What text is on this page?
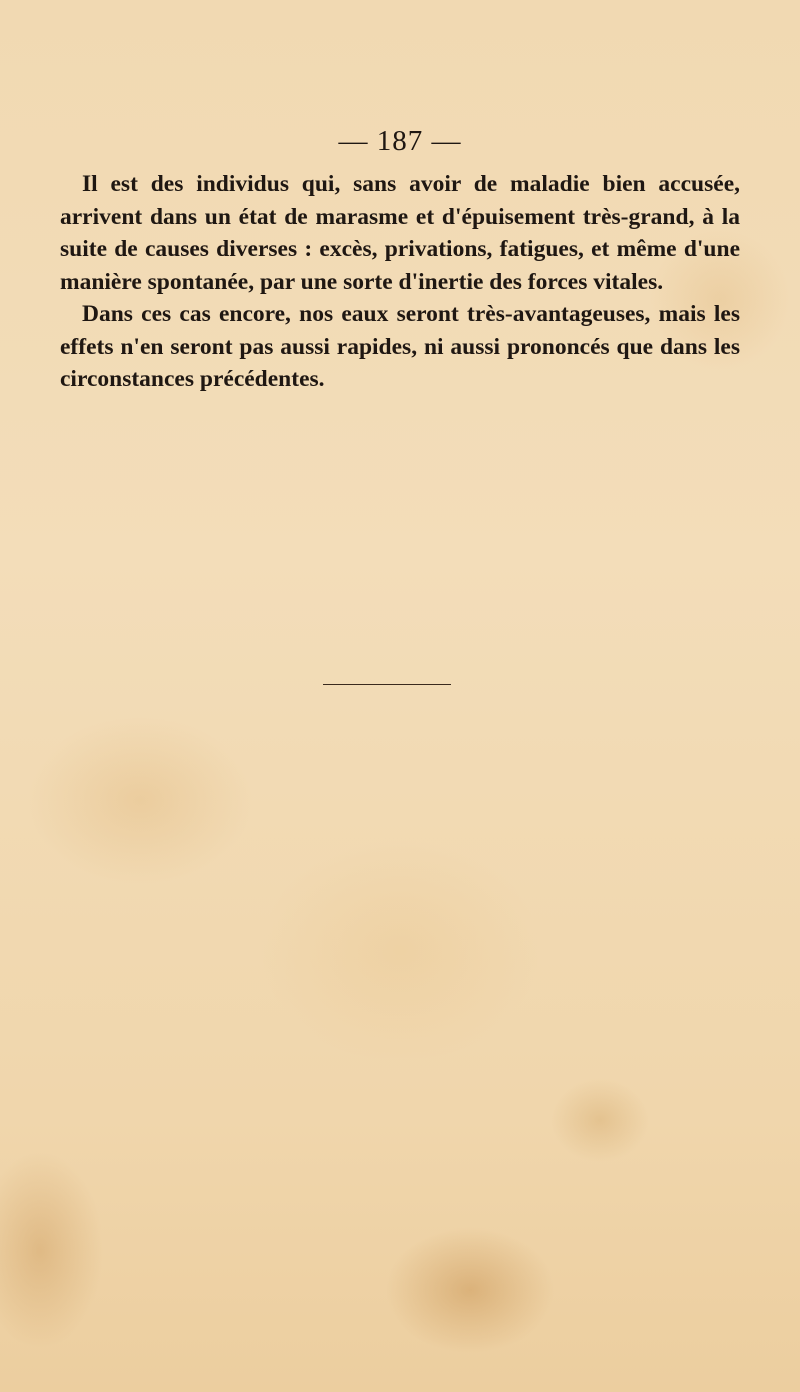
— 187 —

Il est des individus qui, sans avoir de maladie bien accusée, arrivent dans un état de marasme et d'épuisement très-grand, à la suite de causes diverses : excès, privations, fatigues, et même d'une manière spontanée, par une sorte d'inertie des forces vitales.

Dans ces cas encore, nos eaux seront très-avantageuses, mais les effets n'en seront pas aussi rapides, ni aussi prononcés que dans les circonstances précédentes.
